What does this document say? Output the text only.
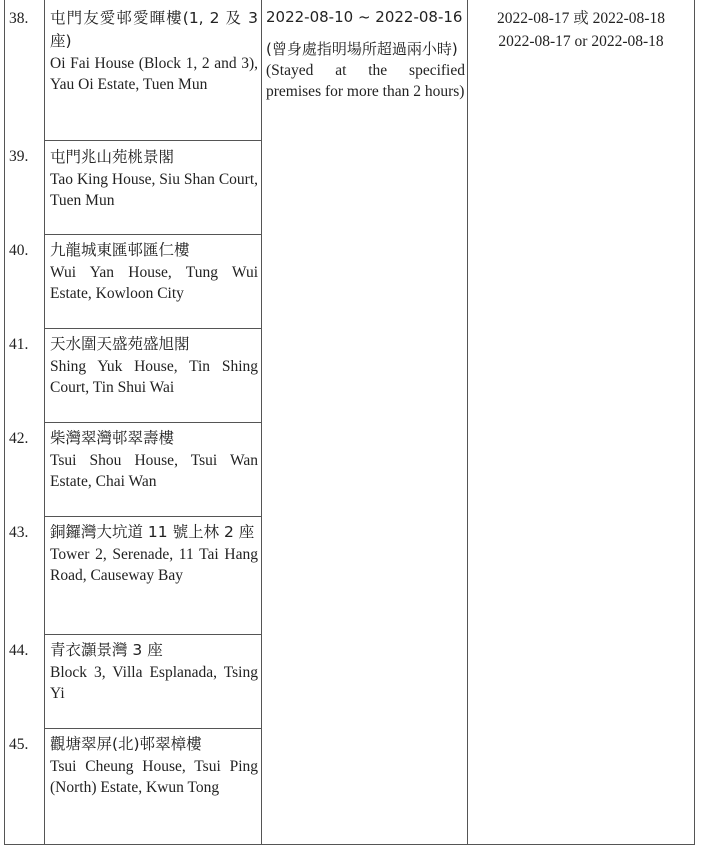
38. 屯門友愛邨愛暉樓(1, 2 及 3 座)
Oi Fai House (Block 1, 2 and 3), Yau Oi Estate, Tuen Mun
39. 屯門兆山苑桃景閣
Tao King House, Siu Shan Court, Tuen Mun
40. 九龍城東匯邨匯仁樓
Wui Yan House, Tung Wui Estate, Kowloon City
41. 天水圍天盛苑盛旭閣
Shing Yuk House, Tin Shing Court, Tin Shui Wai
42. 柴灣翠灣邨翠壽樓
Tsui Shou House, Tsui Wan Estate, Chai Wan
43. 銅鑼灣大坑道 11 號上林 2 座
Tower 2, Serenade, 11 Tai Hang Road, Causeway Bay
44. 青衣灝景灣 3 座
Block 3, Villa Esplanada, Tsing Yi
45. 觀塘翠屏(北)邨翠樟樓
Tsui Cheung House, Tsui Ping (North) Estate, Kwun Tong

2022-08-10 ~ 2022-08-16

(曾身處指明場所超過兩小時)

(Stayed at the specified premises for more than 2 hours)

2022-08-17 或 2022-08-18
2022-08-17 or 2022-08-18
